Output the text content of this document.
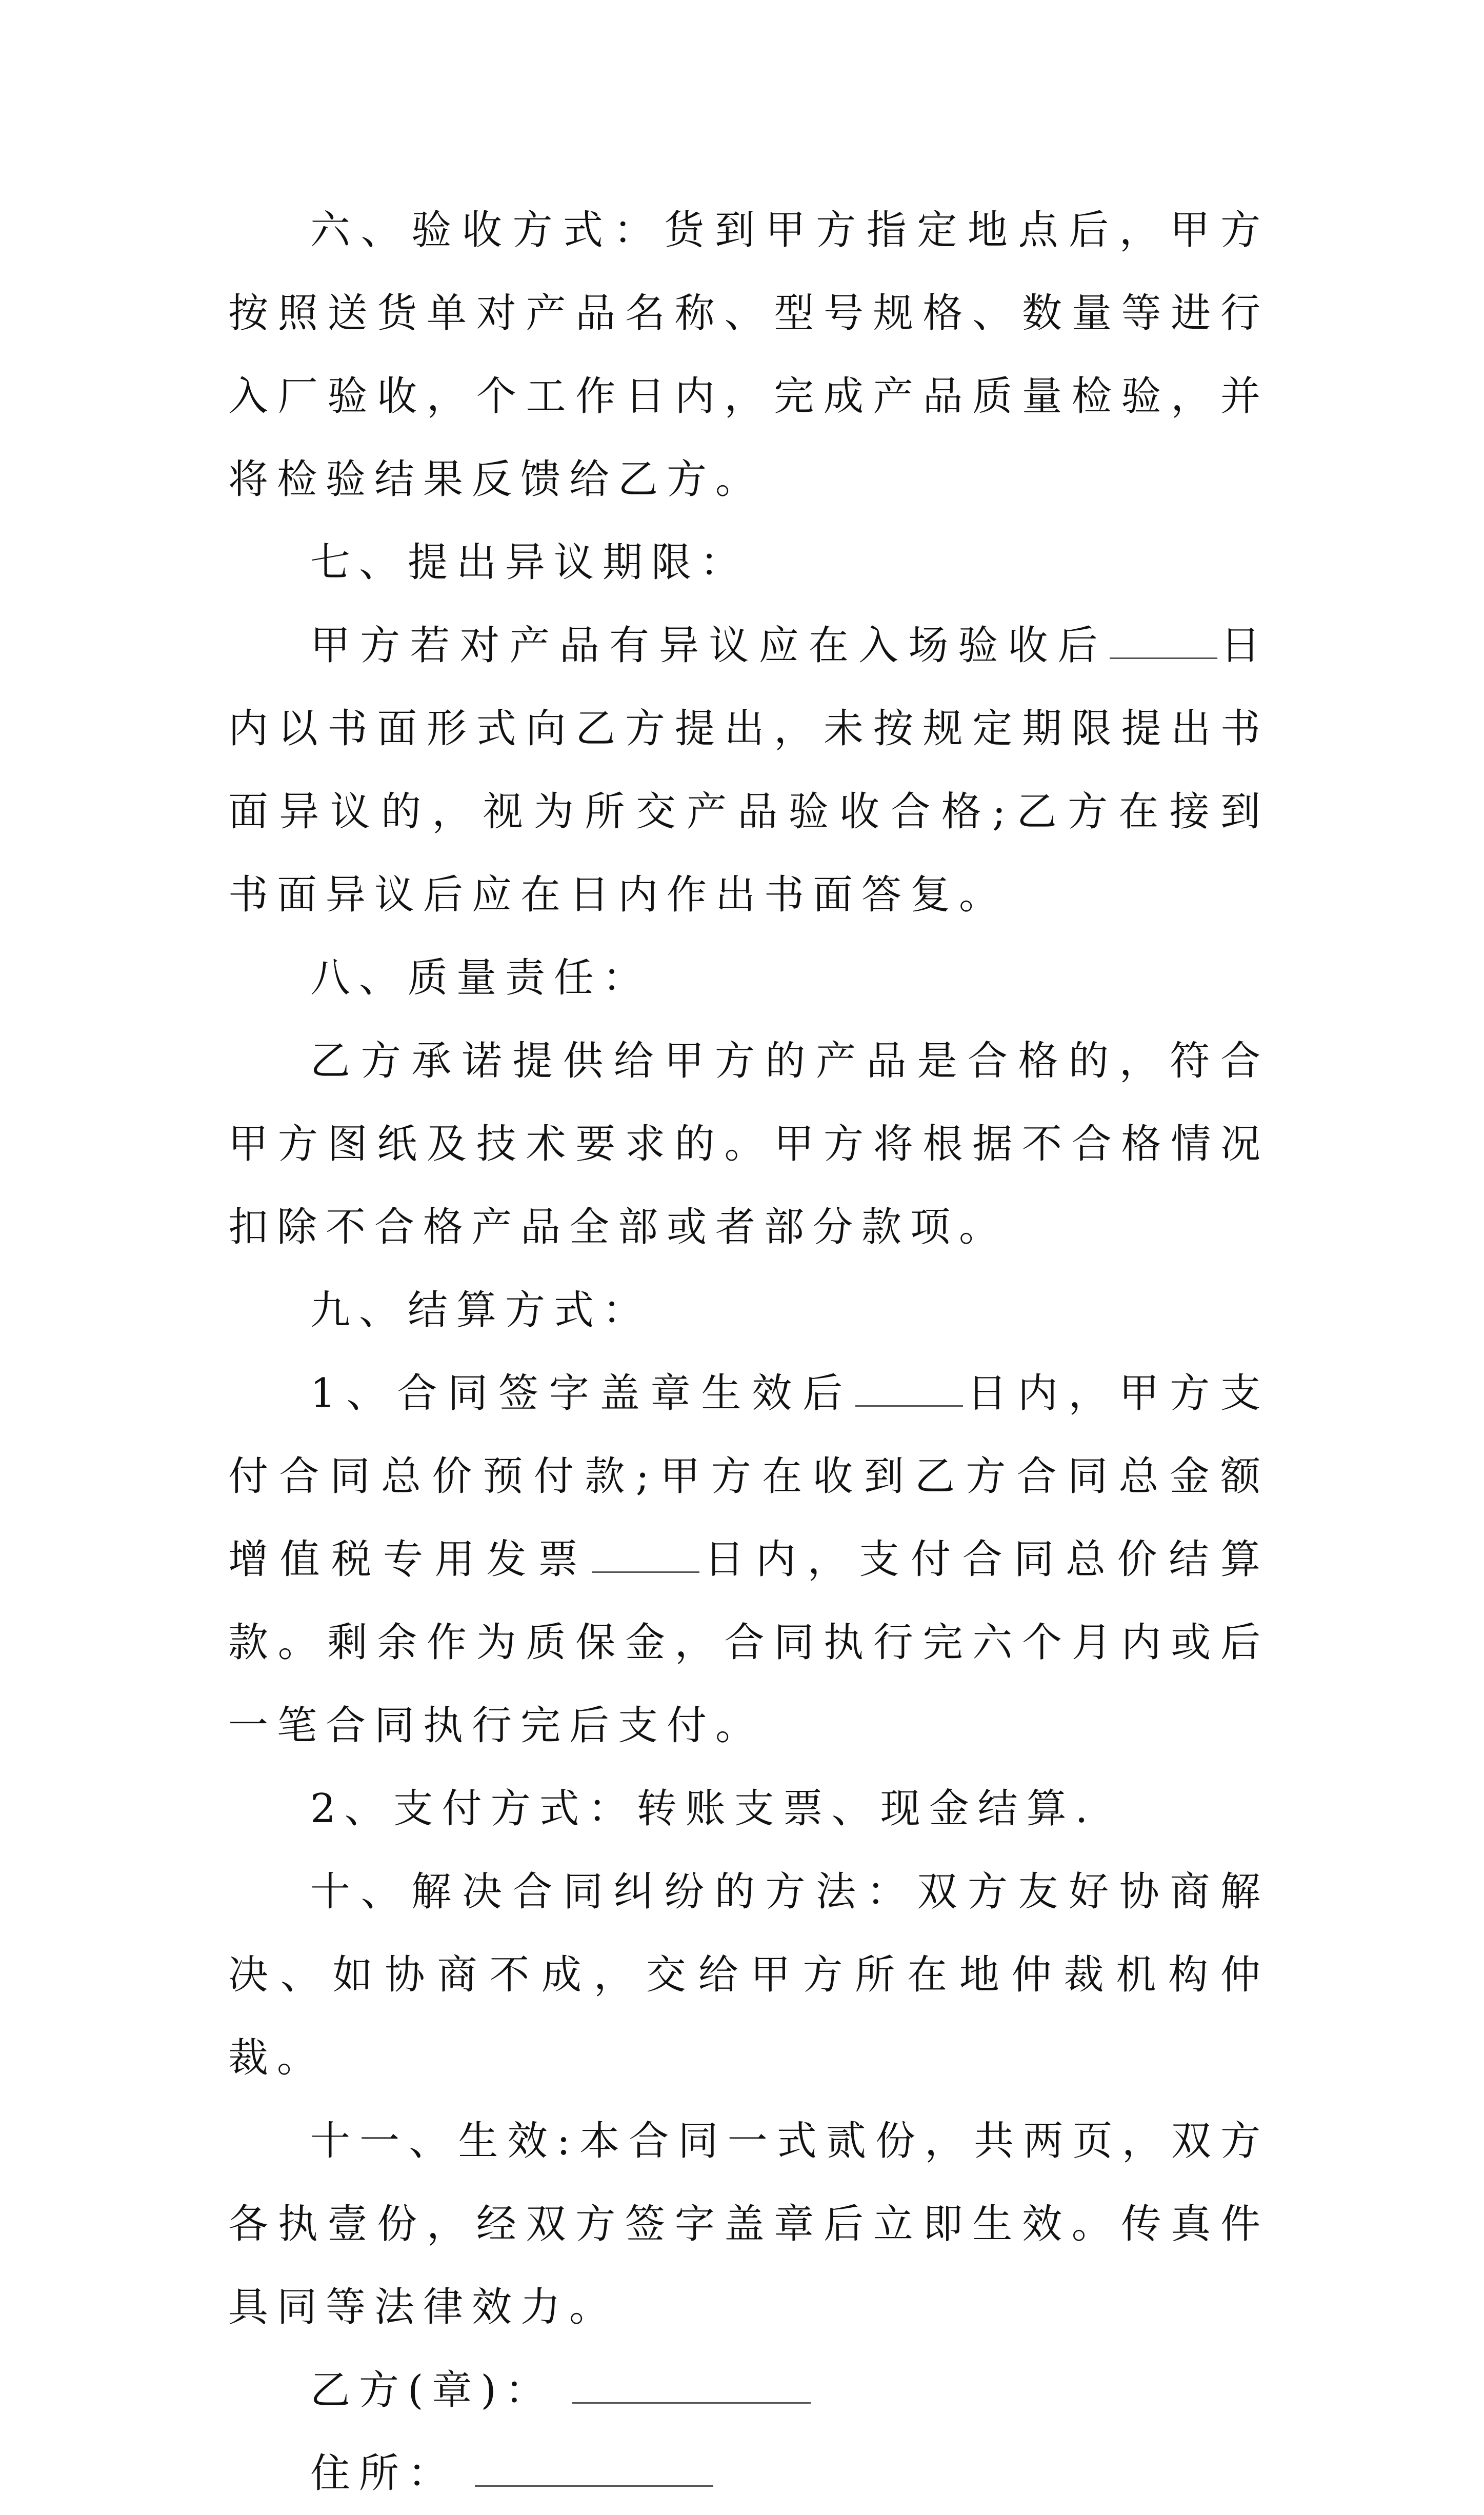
六、验收方式：货到甲方指定地点后，甲方按照送货单对产品名称、型号规格、数量等进行入厂验收，个工作日内，完成产品质量检验，并将检验结果反馈给乙方。

七、提出异议期限：

甲方若对产品有异议应在入场验收后	日内以书面形式向乙方提出，未按规定期限提出书面异议的，视为所交产品验收合格;乙方在接到书面异议后应在日内作出书面答复。

八、质量责任：

乙方承诺提供给甲方的产品是合格的，符合甲方图纸及技术要求的。甲方将根据不合格情况扣除不合格产品全部或者部分款项。

九、结算方式：

1、合同签字盖章生效后	日内，甲方支付合同总价预付款;甲方在收到乙方合同总金额增值税专用发票	日内，支付合同总价结算款。剩余作为质保金，合同执行完六个月内或后一笔合同执行完后支付。

2、支付方式：转账支票、现金结算.

十、解决合同纠纷的方法：双方友好协商解决、如协商不成，交给甲方所在地仲裁机构仲裁。

十一、生效:本合同一式贰份，共两页，双方各执壹份，经双方签字盖章后立即生效。传真件具同等法律效力。

乙方(章)：

住所：
